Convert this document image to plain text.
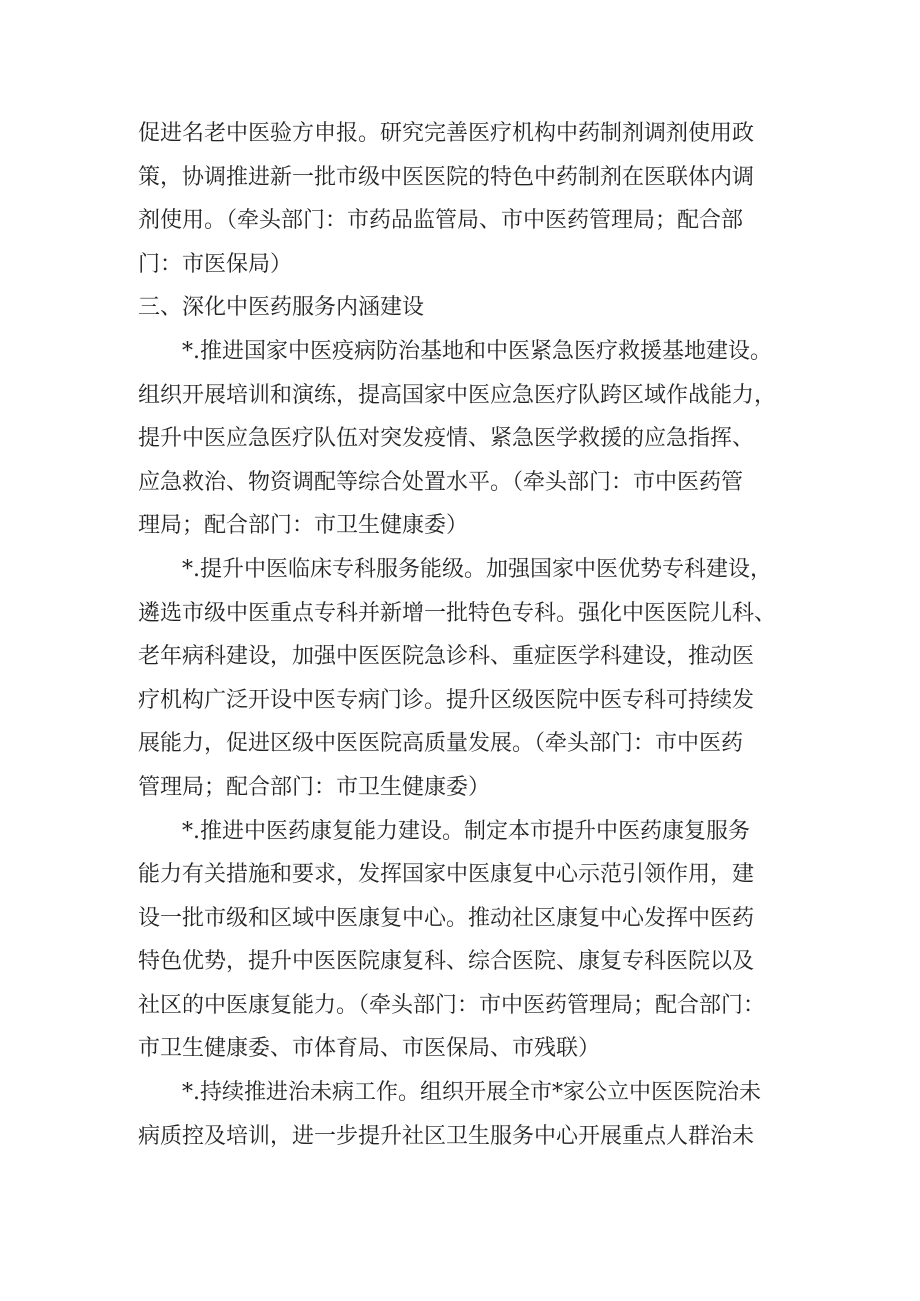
促进名老中医验方申报。研究完善医疗机构中药制剂调剂使用政
策，协调推进新一批市级中医医院的特色中药制剂在医联体内调
剂使用。（牵头部门：市药品监管局、市中医药管理局；配合部
门：市医保局）

三、深化中医药服务内涵建设

*.推进国家中医疫病防治基地和中医紧急医疗救援基地建设。
组织开展培训和演练，提高国家中医应急医疗队跨区域作战能力，
提升中医应急医疗队伍对突发疫情、紧急医学救援的应急指挥、
应急救治、物资调配等综合处置水平。（牵头部门：市中医药管
理局；配合部门：市卫生健康委）

*.提升中医临床专科服务能级。加强国家中医优势专科建设，
遴选市级中医重点专科并新增一批特色专科。强化中医医院儿科、
老年病科建设，加强中医医院急诊科、重症医学科建设，推动医
疗机构广泛开设中医专病门诊。提升区级医院中医专科可持续发
展能力，促进区级中医医院高质量发展。（牵头部门：市中医药
管理局；配合部门：市卫生健康委）

*.推进中医药康复能力建设。制定本市提升中医药康复服务
能力有关措施和要求，发挥国家中医康复中心示范引领作用，建
设一批市级和区域中医康复中心。推动社区康复中心发挥中医药
特色优势，提升中医医院康复科、综合医院、康复专科医院以及
社区的中医康复能力。（牵头部门：市中医药管理局；配合部门：
市卫生健康委、市体育局、市医保局、市残联）

*.持续推进治未病工作。组织开展全市*家公立中医医院治未
病质控及培训，进一步提升社区卫生服务中心开展重点人群治未
